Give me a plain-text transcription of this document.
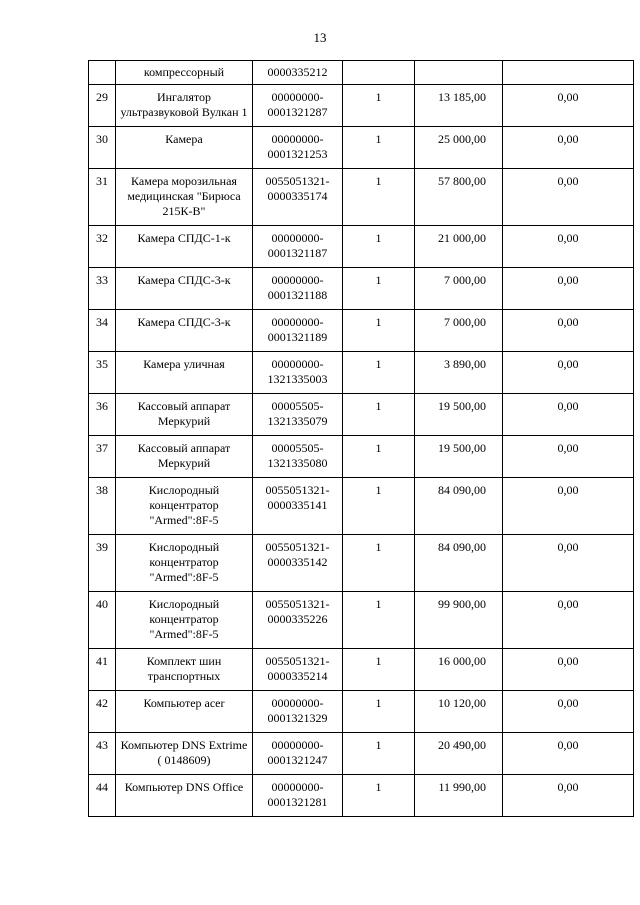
13
	компрессорный	0000335212			
29	Ингалятор ультразвуковой Вулкан 1	00000000-0001321287	1	13 185,00	0,00
30	Камера	00000000-0001321253	1	25 000,00	0,00
31	Камера морозильная медицинская "Бирюса 215К-В"	0055051321-0000335174	1	57 800,00	0,00
32	Камера СПДС-1-к	00000000-0001321187	1	21 000,00	0,00
33	Камера СПДС-3-к	00000000-0001321188	1	7 000,00	0,00
34	Камера СПДС-3-к	00000000-0001321189	1	7 000,00	0,00
35	Камера уличная	00000000-1321335003	1	3 890,00	0,00
36	Кассовый аппарат Меркурий	00005505-1321335079	1	19 500,00	0,00
37	Кассовый аппарат Меркурий	00005505-1321335080	1	19 500,00	0,00
38	Кислородный концентратор "Armed":8F-5	0055051321-0000335141	1	84 090,00	0,00
39	Кислородный концентратор "Armed":8F-5	0055051321-0000335142	1	84 090,00	0,00
40	Кислородный концентратор "Armed":8F-5	0055051321-0000335226	1	99 900,00	0,00
41	Комплект шин транспортных	0055051321-0000335214	1	16 000,00	0,00
42	Компьютер acer	00000000-0001321329	1	10 120,00	0,00
43	Компьютер DNS Extrime ( 0148609)	00000000-0001321247	1	20 490,00	0,00
44	Компьютер DNS Office	00000000-0001321281	1	11 990,00	0,00
